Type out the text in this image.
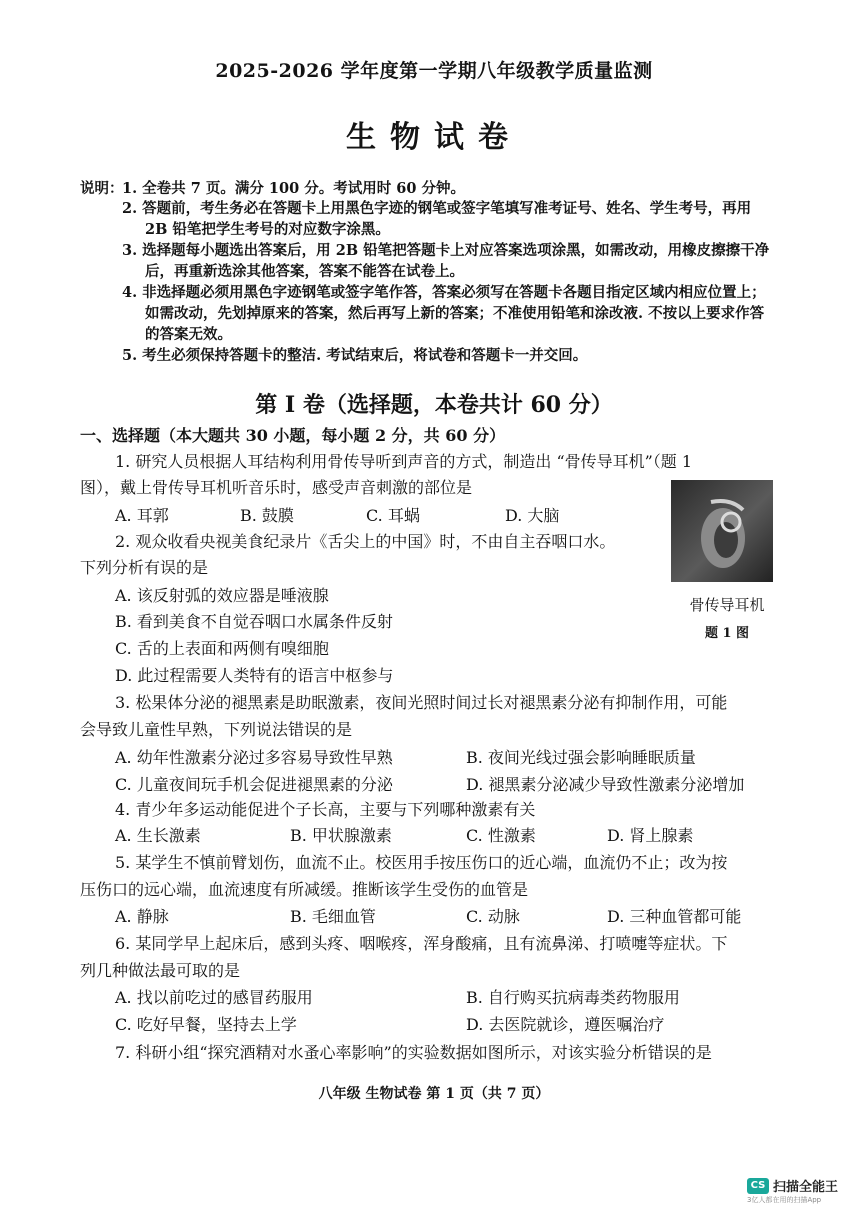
2025-2026 学年度第一学期八年级教学质量监测
生物试卷
说明：
1. 全卷共 7 页。满分 100 分。考试用时 60 分钟。
2. 答题前，考生务必在答题卡上用黑色字迹的钢笔或签字笔填写准考证号、姓名、学生考号，再用
2B 铅笔把学生考号的对应数字涂黑。
3. 选择题每小题选出答案后，用 2B 铅笔把答题卡上对应答案选项涂黑，如需改动，用橡皮擦擦干净
后，再重新选涂其他答案，答案不能答在试卷上。
4. 非选择题必须用黑色字迹钢笔或签字笔作答，答案必须写在答题卡各题目指定区域内相应位置上；
如需改动，先划掉原来的答案，然后再写上新的答案；不准使用铅笔和涂改液. 不按以上要求作答
的答案无效。
5. 考生必须保持答题卡的整洁. 考试结束后，将试卷和答题卡一并交回。
第 I 卷（选择题，本卷共计 60 分）
一、选择题（本大题共 30 小题，每小题 2 分，共 60 分）
1. 研究人员根据人耳结构利用骨传导听到声音的方式，制造出 “骨传导耳机”（题 1
图），戴上骨传导耳机听音乐时，感受声音刺激的部位是
A. 耳郭	B. 鼓膜	C. 耳蜗	D. 大脑
骨传导耳机
题 1 图
2. 观众收看央视美食纪录片《舌尖上的中国》时，不由自主吞咽口水。
下列分析有误的是
A. 该反射弧的效应器是唾液腺
B. 看到美食不自觉吞咽口水属条件反射
C. 舌的上表面和两侧有嗅细胞
D. 此过程需要人类特有的语言中枢参与
3. 松果体分泌的褪黑素是助眠激素，夜间光照时间过长对褪黑素分泌有抑制作用，可能
会导致儿童性早熟，下列说法错误的是
A. 幼年性激素分泌过多容易导致性早熟	B. 夜间光线过强会影响睡眠质量
C. 儿童夜间玩手机会促进褪黑素的分泌	D. 褪黑素分泌减少导致性激素分泌增加
4. 青少年多运动能促进个子长高，主要与下列哪种激素有关
A. 生长激素	B. 甲状腺激素	C. 性激素	D. 肾上腺素
5. 某学生不慎前臂划伤，血流不止。校医用手按压伤口的近心端，血流仍不止；改为按
压伤口的远心端，血流速度有所减缓。推断该学生受伤的血管是
A. 静脉	B. 毛细血管	C. 动脉	D. 三种血管都可能
6. 某同学早上起床后，感到头疼、咽喉疼，浑身酸痛，且有流鼻涕、打喷嚏等症状。下
列几种做法最可取的是
A. 找以前吃过的感冒药服用	B. 自行购买抗病毒类药物服用
C. 吃好早餐，坚持去上学	D. 去医院就诊，遵医嘱治疗
7. 科研小组“探究酒精对水蚤心率影响”的实验数据如图所示，对该实验分析错误的是
八年级 生物试卷 第 1 页（共 7 页）
CS 扫描全能王
3亿人都在用的扫描App
